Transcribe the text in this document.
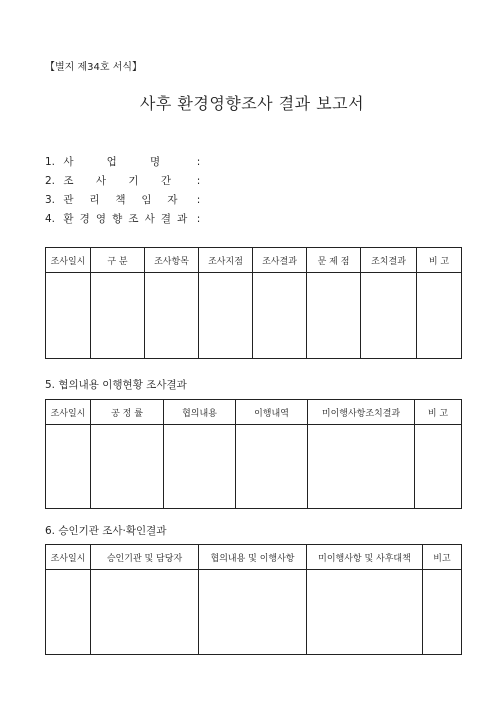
【별지 제34호 서식】
사후 환경영향조사 결과 보고서
1. 사	업	명	:
2. 조 사 기 간 :
3. 관 리 책 임 자 :
4. 환 경 영 향 조 사 결 과 :
조사일시	구 분	조사항목	조사지점	조사결과	문 제 점	조치결과	비 고

5. 협의내용 이행현황 조사결과
조사일시	공 정 률	협의내용	이행내역	미이행사항조치결과	비 고

6. 승인기관 조사·확인결과
조사일시	승인기관 및 담당자	협의내용 및 이행사항	미이행사항 및 사후대책	비고
